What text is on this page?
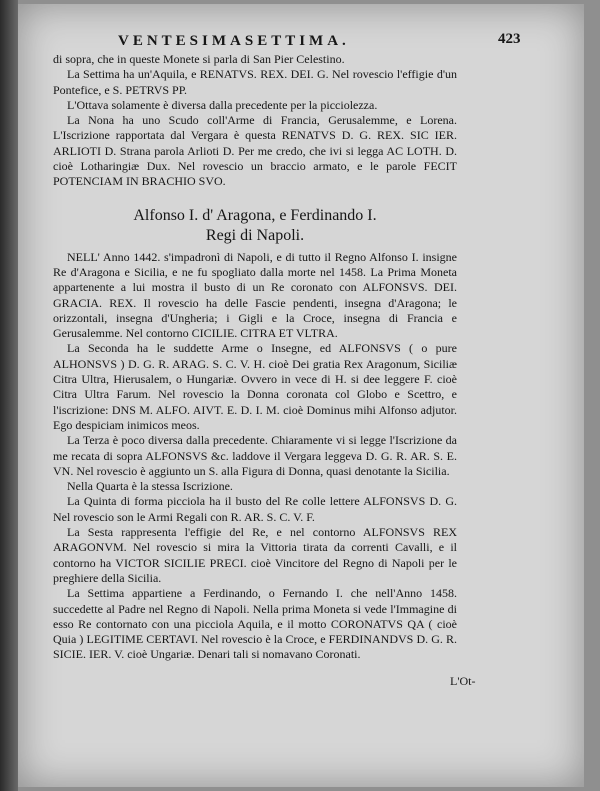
VENTESIMASETTIMA.	423

di sopra, che in queste Monete si parla di San Pier Celestino.

La Settima ha un'Aquila, e RENATVS. REX. DEI. G. Nel rovescio l'effigie d'un Pontefice, e S. PETRVS PP.

L'Ottava solamente è diversa dalla precedente per la picciolezza.

La Nona ha uno Scudo coll'Arme di Francia, Gerusalemme, e Lorena. L'Iscrizione rapportata dal Vergara è questa RENATVS D. G. REX. SIC IER. ARLIOTI D. Strana parola Arlioti D. Per me credo, che ivi si legga AC LOTH. D. cioè Lotharingiæ Dux. Nel rovescio un braccio armato, e le parole FECIT POTENCIAM IN BRACHIO SVO.

Alfonso I. d' Aragona, e Ferdinando I.
Regi di Napoli.

NELL' Anno 1442. s'impadronì di Napoli, e di tutto il Regno Alfonso I. insigne Re d'Aragona e Sicilia, e ne fu spogliato dalla morte nel 1458. La Prima Moneta appartenente a lui mostra il busto di un Re coronato con ALFONSVS. DEI. GRACIA. REX. Il rovescio ha delle Fascie pendenti, insegna d'Aragona; le orizzontali, insegna d'Ungheria; i Gigli e la Croce, insegna di Francia e Gerusalemme. Nel contorno CICILIE. CITRA ET VLTRA.

La Seconda ha le suddette Arme o Insegne, ed ALFONSVS ( o pure ALHONSVS ) D. G. R. ARAG. S. C. V. H. cioè Dei gratia Rex Aragonum, Siciliæ Citra Ultra, Hierusalem, o Hungariæ. Ovvero in vece di H. si dee leggere F. cioè Citra Ultra Farum. Nel rovescio la Donna coronata col Globo e Scettro, e l'iscrizione: DNS M. ALFO. AIVT. E. D. I. M. cioè Dominus mihi Alfonso adjutor. Ego despiciam inimicos meos.

La Terza è poco diversa dalla precedente. Chiaramente vi si legge l'Iscrizione da me recata di sopra ALFONSVS &c. laddove il Vergara leggeva D. G. R. AR. S. E. VN. Nel rovescio è aggiunto un S. alla Figura di Donna, quasi denotante la Sicilia.

Nella Quarta è la stessa Iscrizione.

La Quinta di forma picciola ha il busto del Re colle lettere ALFONSVS D. G. Nel rovescio son le Armi Regali con R. AR. S. C. V. F.

La Sesta rappresenta l'effigie del Re, e nel contorno ALFONSVS REX ARAGONVM. Nel rovescio si mira la Vittoria tirata da correnti Cavalli, e il contorno ha VICTOR SICILIE PRECI. cioè Vincitore del Regno di Napoli per le preghiere della Sicilia.

La Settima appartiene a Ferdinando, o Fernando I. che nell'Anno 1458. succedette al Padre nel Regno di Napoli. Nella prima Moneta si vede l'Immagine di esso Re contornato con una picciola Aquila, e il motto CORONATVS QA ( cioè Quia ) LEGITIME CERTAVI. Nel rovescio è la Croce, e FERDINANDVS D. G. R. SICIE. IER. V. cioè Ungariæ. Denari tali si nomavano Coronati.

L'Ot-
